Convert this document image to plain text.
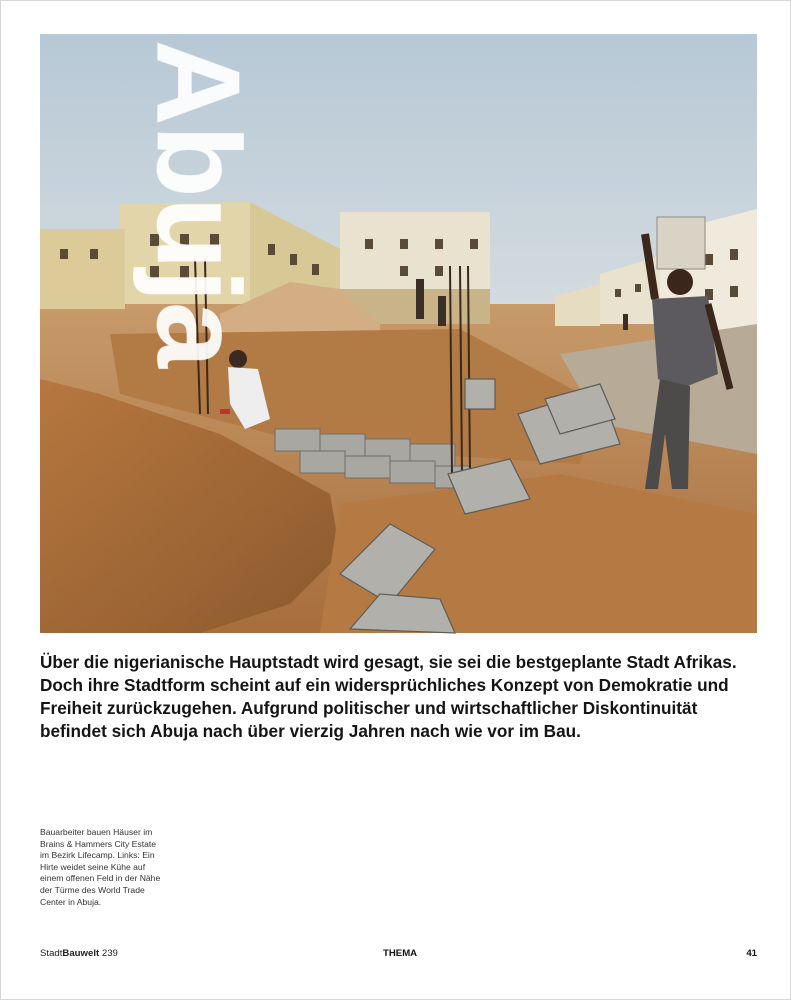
Abuja

Über die nigerianische Hauptstadt wird gesagt, sie sei die bestgeplante Stadt Afrikas. Doch ihre Stadtform scheint auf ein widersprüchliches Konzept von Demokratie und Freiheit zurückzugehen. Aufgrund politischer und wirtschaftlicher Diskontinuität befindet sich Abuja nach über vierzig Jahren nach wie vor im Bau.

Bauarbeiter bauen Häuser im Brains & Hammers City Estate im Bezirk Lifecamp. Links: Ein Hirte weidet seine Kühe auf einem offenen Feld in der Nähe der Türme des World Trade Center in Abuja.

StadtBauwelt 239	THEMA	41
